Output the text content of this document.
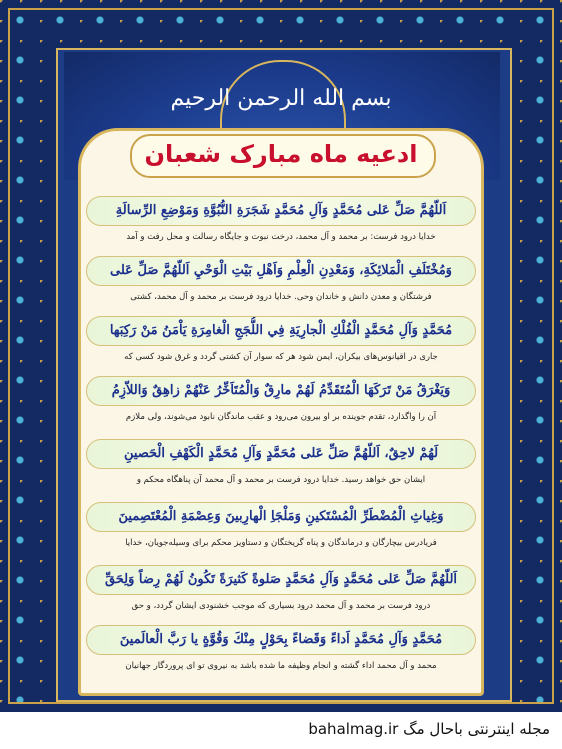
بسم الله الرحمن الرحیم
ادعیه ماه مبارک شعبان
اَللّهُمَّ صَلِّ عَلى مُحَمَّدٍ وَآلِ مُحَمَّدٍ شَجَرَةِ النُّبُوَّةِ وَمَوْضِعِ الرِّسالَةِ
خدایا درود فرست: بر محمد و آل محمد، درخت نبوت و جایگاه رسالت و محل رفت و آمد
وَمُخْتَلَفِ الْمَلائِكَةِ، وَمَعْدِنِ الْعِلْمِ وَاَهْلِ بَيْتِ الْوَحْيِ اَللّهُمَّ صَلِّ عَلى
فرشتگان و معدن دانش و خاندان وحی. خدایا درود فرست بر محمد و آل محمد، کشتی
مُحَمَّدٍ وَآلِ مُحَمَّدٍ الْفُلْكِ الْجارِيَةِ فِي اللُّجَجِ الْغامِرَةِ يَاْمَنُ مَنْ رَكِبَها
جاری در اقیانوس‌های بیکران، ایمن شود هر که سوار آن کشتی گردد و غرق شود کسی که
وَيَغْرَقُ مَنْ تَرَكَهَا الْمُتَقَدِّمُ لَهُمْ مارِقٌ وَالْمُتَاَخِّرُ عَنْهُمْ زاهِقٌ وَاللاّزِمُ
آن را واگذارد، تقدم جوینده بر او بیرون می‌رود و عقب ماندگان نابود می‌شوند، ولی ملازم
لَهُمْ لاحِقٌ، اَللّهُمَّ صَلِّ عَلى مُحَمَّدٍ وَآلِ مُحَمَّدٍ الْكَهْفِ الْحَصينِ
ایشان حق خواهد رسید. خدایا درود فرست بر محمد و آل محمد آن پناهگاه محکم و
وَغِياثِ الْمُضْطَرِّ الْمُسْتَكينِ وَمَلْجَاِ الْهارِبينَ وَعِصْمَةِ الْمُعْتَصِمينَ
فریادرس بیچارگان و درماندگان و پناه گریختگان و دستاویز محکم برای وسیله‌جویان، خدایا
اَللّهُمَّ صَلِّ عَلى مُحَمَّدٍ وَآلِ مُحَمَّدٍ صَلوةً كَثيرَةً تَكُونُ لَهُمْ رِضاً وَلِحَقِّ
درود فرست بر محمد و آل محمد درود بسیاری که موجب خشنودی ایشان گردد، و حق
مُحَمَّدٍ وَآلِ مُحَمَّدٍ اَداءً وَقَضاءً بِحَوْلٍ مِنْكَ وَقُوَّةٍ يا رَبَّ الْعالَمينَ
محمد و آل محمد اداء گشته و انجام وظیفه ما شده باشد به نیروی تو ای پروردگار جهانیان
مجله اینترنتی باحال مگ bahalmag.ir
